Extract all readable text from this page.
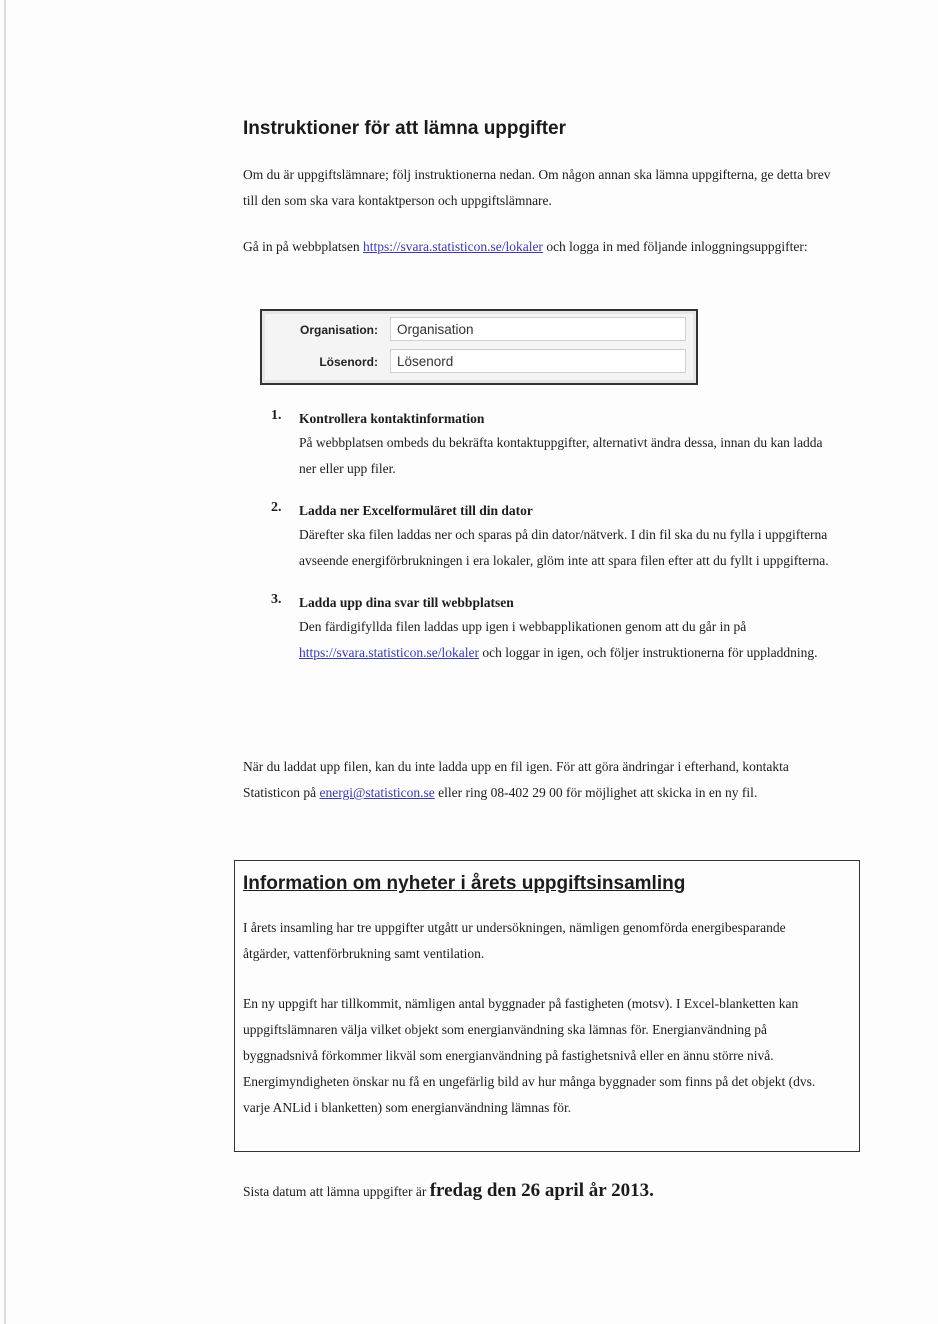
Instruktioner för att lämna uppgifter

Om du är uppgiftslämnare; följ instruktionerna nedan. Om någon annan ska lämna uppgifterna, ge detta brev till den som ska vara kontaktperson och uppgiftslämnare.

Gå in på webbplatsen https://svara.statisticon.se/lokaler och logga in med följande inloggningsuppgifter:

Organisation:	Organisation
Lösenord:	Lösenord
1. Kontrollera kontaktinformation
På webbplatsen ombeds du bekräfta kontaktuppgifter, alternativt ändra dessa, innan du kan ladda ner eller upp filer.
2. Ladda ner Excelformuläret till din dator
Därefter ska filen laddas ner och sparas på din dator/nätverk. I din fil ska du nu fylla i uppgifterna avseende energiförbrukningen i era lokaler, glöm inte att spara filen efter att du fyllt i uppgifterna.
3. Ladda upp dina svar till webbplatsen
Den färdigifyllda filen laddas upp igen i webbapplikationen genom att du går in på https://svara.statisticon.se/lokaler och loggar in igen, och följer instruktionerna för uppladdning.

När du laddat upp filen, kan du inte ladda upp en fil igen. För att göra ändringar i efterhand, kontakta Statisticon på energi@statisticon.se eller ring 08-402 29 00 för möjlighet att skicka in en ny fil.

Information om nyheter i årets uppgiftsinsamling

I årets insamling har tre uppgifter utgått ur undersökningen, nämligen genomförda energibesparande åtgärder, vattenförbrukning samt ventilation.

En ny uppgift har tillkommit, nämligen antal byggnader på fastigheten (motsv). I Excel-blanketten kan uppgiftslämnaren välja vilket objekt som energianvändning ska lämnas för. Energianvändning på byggnadsnivå förkommer likväl som energianvändning på fastighetsnivå eller en ännu större nivå. Energimyndigheten önskar nu få en ungefärlig bild av hur många byggnader som finns på det objekt (dvs. varje ANLid i blanketten) som energianvändning lämnas för.

Sista datum att lämna uppgifter är fredag den 26 april år 2013.
